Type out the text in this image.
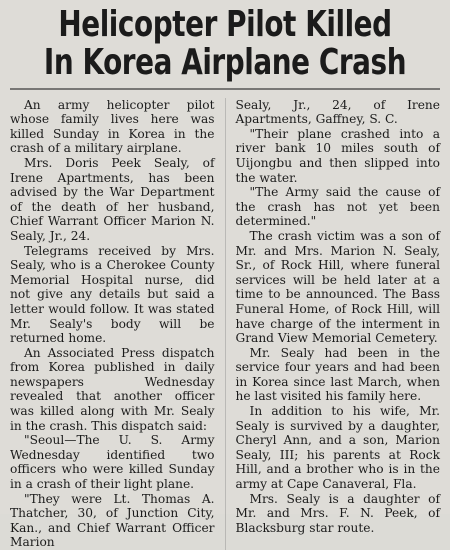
Helicopter Pilot Killed
In Korea Airplane Crash

An army helicopter pilot whose family lives here was killed Sunday in Korea in the crash of a military airplane.

Mrs. Doris Peek Sealy, of Irene Apartments, has been advised by the War Department of the death of her husband, Chief Warrant Officer Marion N. Sealy, Jr., 24.

Telegrams received by Mrs. Sealy, who is a Cherokee County Memorial Hospital nurse, did not give any details but said a letter would follow. It was stated Mr. Sealy's body will be returned home.

An Associated Press dispatch from Korea published in daily newspapers Wednesday revealed that another officer was killed along with Mr. Sealy in the crash. This dispatch said:

"Seoul—The U. S. Army Wednesday identified two officers who were killed Sunday in a crash of their light plane.

"They were Lt. Thomas A. Thatcher, 30, of Junction City, Kan., and Chief Warrant Officer Marion

Sealy, Jr., 24, of Irene Apartments, Gaffney, S. C.

"Their plane crashed into a river bank 10 miles south of Uijongbu and then slipped into the water.

"The Army said the cause of the crash has not yet been determined."

The crash victim was a son of Mr. and Mrs. Marion N. Sealy, Sr., of Rock Hill, where funeral services will be held later at a time to be announced. The Bass Funeral Home, of Rock Hill, will have charge of the interment in Grand View Memorial Cemetery.

Mr. Sealy had been in the service four years and had been in Korea since last March, when he last visited his family here.

In addition to his wife, Mr. Sealy is survived by a daughter, Cheryl Ann, and a son, Marion Sealy, III; his parents at Rock Hill, and a brother who is in the army at Cape Canaveral, Fla.

Mrs. Sealy is a daughter of Mr. and Mrs. F. N. Peek, of Blacksburg star route.
